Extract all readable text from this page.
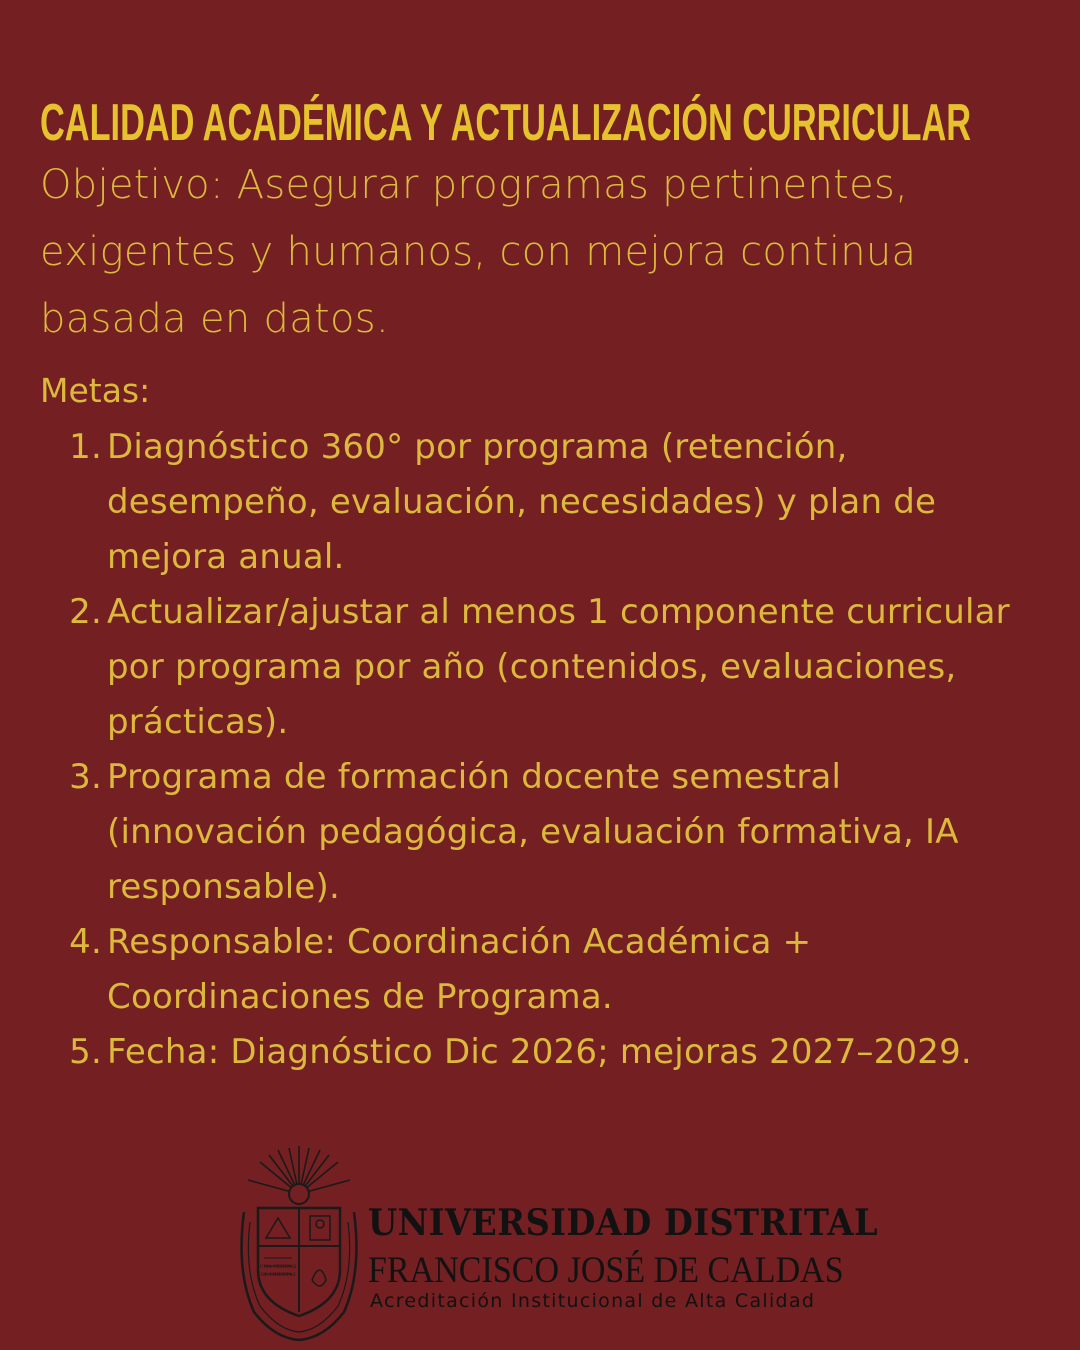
CALIDAD ACADÉMICA Y ACTUALIZACIÓN CURRICULAR

Objetivo: Asegurar programas pertinentes, exigentes y humanos, con mejora continua basada en datos.

Metas:

1. Diagnóstico 360° por programa (retención, desempeño, evaluación, necesidades) y plan de mejora anual.
2. Actualizar/ajustar al menos 1 componente curricular por programa por año (contenidos, evaluaciones, prácticas).
3. Programa de formación docente semestral (innovación pedagógica, evaluación formativa, IA responsable).
4. Responsable: Coordinación Académica + Coordinaciones de Programa.
5. Fecha: Diagnóstico Dic 2026; mejoras 2027–2029.
UNA VERITAS
DE LIBERTAS
UNIVERSIDAD DISTRITAL
FRANCISCO JOSÉ DE CALDAS
Acreditación Institucional de Alta Calidad
